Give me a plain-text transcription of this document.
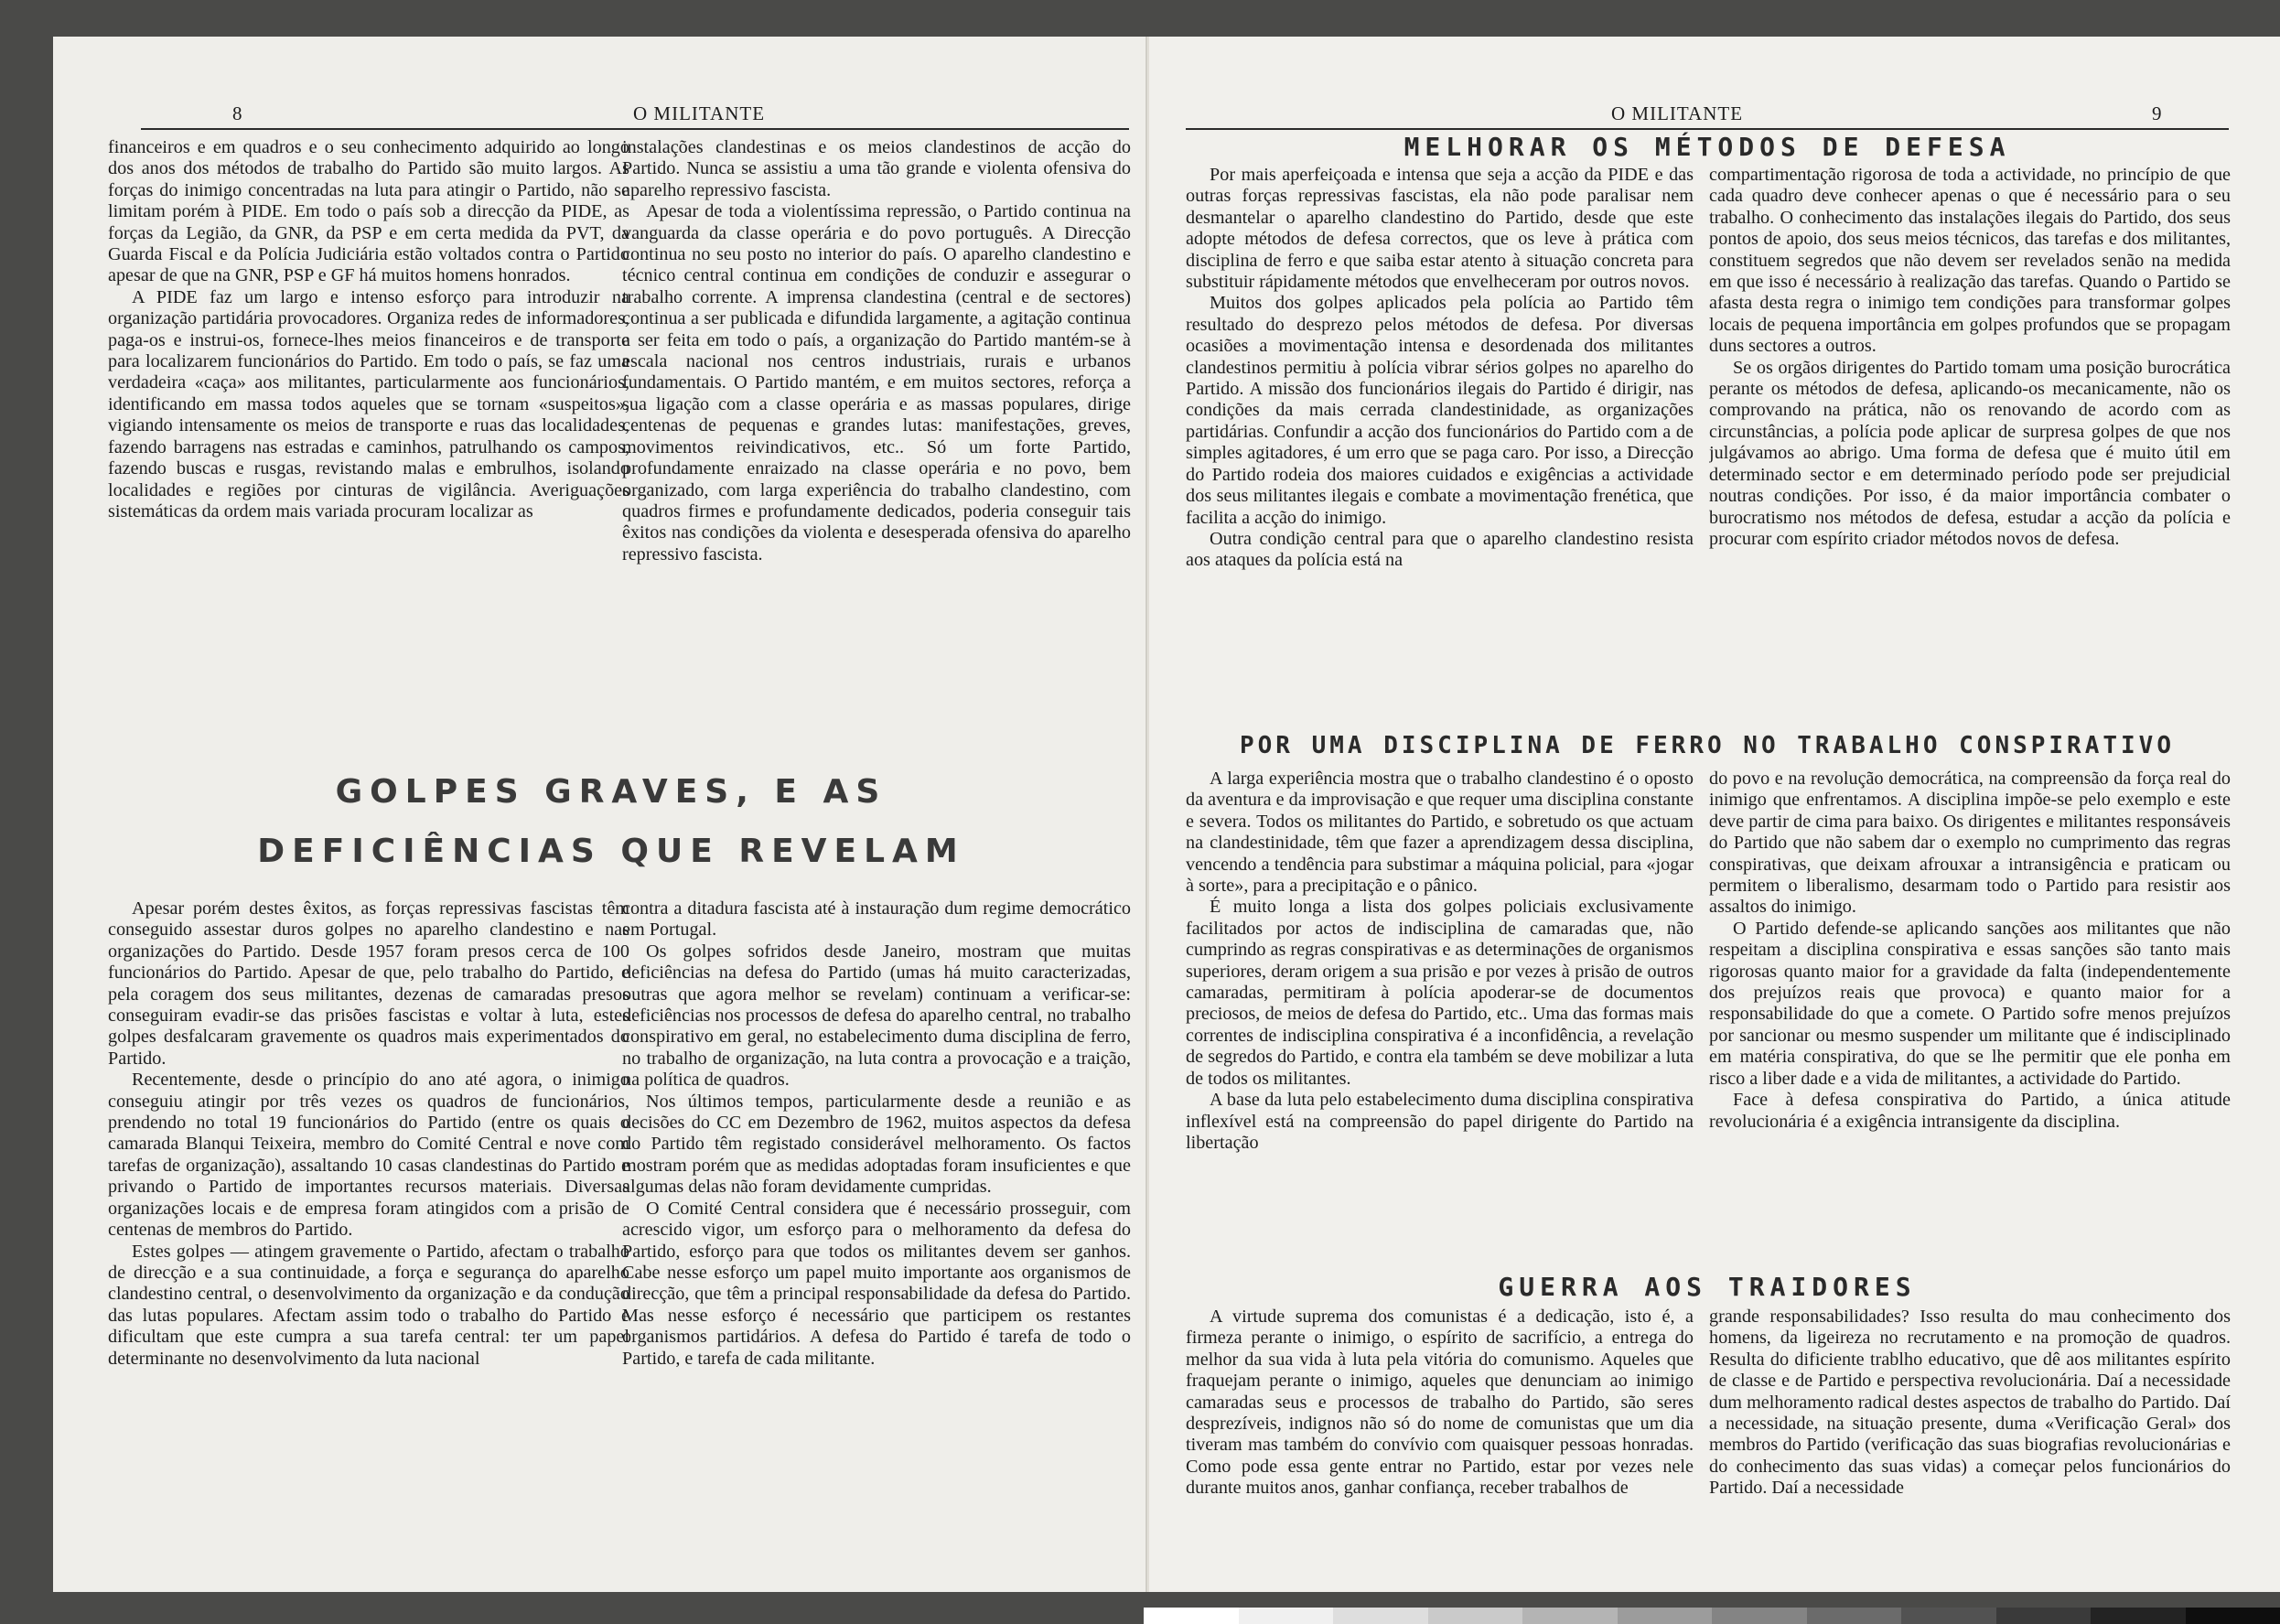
8	O MILITANTE

financeiros e em quadros e o seu conhecimento adquirido ao longo dos anos dos métodos de trabalho do Partido são muito largos. As forças do inimigo concentradas na luta para atingir o Partido, não se limitam porém à PIDE. Em todo o país sob a direcção da PIDE, as forças da Legião, da GNR, da PSP e em certa medida da PVT, da Guarda Fiscal e da Polícia Judiciária estão voltados contra o Partido apesar de que na GNR, PSP e GF há muitos homens honrados.

A PIDE faz um largo e intenso esforço para introduzir na organização partidária provocadores. Organiza redes de informadores, paga-os e instrui-os, fornece-lhes meios financeiros e de transporte para localizarem funcionários do Partido. Em todo o país, se faz uma verdadeira «caça» aos militantes, particularmente aos funcionários, identificando em massa todos aqueles que se tornam «suspeitos», vigiando intensamente os meios de transporte e ruas das localidades, fazendo barragens nas estradas e caminhos, patrulhando os campos, fazendo buscas e rusgas, revistando malas e embrulhos, isolando localidades e regiões por cinturas de vigilância. Averiguações sistemáticas da ordem mais variada procuram localizar as

instalações clandestinas e os meios clandestinos de acção do Partido. Nunca se assistiu a uma tão grande e violenta ofensiva do aparelho repressivo fascista.

Apesar de toda a violentíssima repressão, o Partido continua na vanguarda da classe operária e do povo português. A Direcção continua no seu posto no interior do país. O aparelho clandestino e técnico central continua em condições de conduzir e assegurar o trabalho corrente. A imprensa clandestina (central e de sectores) continua a ser publicada e difundida largamente, a agitação continua a ser feita em todo o país, a organização do Partido mantém-se à escala nacional nos centros industriais, rurais e urbanos fundamentais. O Partido mantém, e em muitos sectores, reforça a sua ligação com a classe operária e as massas populares, dirige centenas de pequenas e grandes lutas: manifestações, greves, movimentos reivindicativos, etc.. Só um forte Partido, profundamente enraizado na classe operária e no povo, bem organizado, com larga experiência do trabalho clandestino, com quadros firmes e profundamente dedicados, poderia conseguir tais êxitos nas condições da violenta e desesperada ofensiva do aparelho repressivo fascista.

GOLPES GRAVES, E AS
DEFICIÊNCIAS QUE REVELAM

Apesar porém destes êxitos, as forças repressivas fascistas têm conseguido assestar duros golpes no aparelho clandestino e nas organizações do Partido. Desde 1957 foram presos cerca de 100 funcionários do Partido. Apesar de que, pelo trabalho do Partido, e pela coragem dos seus militantes, dezenas de camaradas presos conseguiram evadir-se das prisões fascistas e voltar à luta, estes golpes desfalcaram gravemente os quadros mais experimentados do Partido.

Recentemente, desde o princípio do ano até agora, o inimigo conseguiu atingir por três vezes os quadros de funcionários, prendendo no total 19 funcionários do Partido (entre os quais o camarada Blanqui Teixeira, membro do Comité Central e nove com tarefas de organização), assaltando 10 casas clandestinas do Partido e privando o Partido de importantes recursos materiais. Diversas organizações locais e de empresa foram atingidos com a prisão de centenas de membros do Partido.

Estes golpes — atingem gravemente o Partido, afectam o trabalho de direcção e a sua continuidade, a força e segurança do aparelho clandestino central, o desenvolvimento da organização e da condução das lutas populares. Afectam assim todo o trabalho do Partido e dificultam que este cumpra a sua tarefa central: ter um papel determinante no desenvolvimento da luta nacional

contra a ditadura fascista até à instauração dum regime democrático em Portugal.

Os golpes sofridos desde Janeiro, mostram que muitas deficiências na defesa do Partido (umas há muito caracterizadas, outras que agora melhor se revelam) continuam a verificar-se: deficiências nos processos de defesa do aparelho central, no trabalho conspirativo em geral, no estabelecimento duma disciplina de ferro, no trabalho de organização, na luta contra a provocação e a traição, na política de quadros.

Nos últimos tempos, particularmente desde a reunião e as decisões do CC em Dezembro de 1962, muitos aspectos da defesa do Partido têm registado considerável melhoramento. Os factos mostram porém que as medidas adoptadas foram insuficientes e que algumas delas não foram devidamente cumpridas.

O Comité Central considera que é necessário prosseguir, com acrescido vigor, um esforço para o melhoramento da defesa do Partido, esforço para que todos os militantes devem ser ganhos. Cabe nesse esforço um papel muito importante aos organismos de direcção, que têm a principal responsabilidade da defesa do Partido. Mas nesse esforço é necessário que participem os restantes organismos partidários. A defesa do Partido é tarefa de todo o Partido, e tarefa de cada militante.

O MILITANTE	9
MELHORAR OS MÉTODOS DE DEFESA

Por mais aperfeiçoada e intensa que seja a acção da PIDE e das outras forças repressivas fascistas, ela não pode paralisar nem desmantelar o aparelho clandestino do Partido, desde que este adopte métodos de defesa correctos, que os leve à prática com disciplina de ferro e que saiba estar atento à situação concreta para substituir rápidamente métodos que envelheceram por outros novos.

Muitos dos golpes aplicados pela polícia ao Partido têm resultado do desprezo pelos métodos de defesa. Por diversas ocasiões a movimentação intensa e desordenada dos militantes clandestinos permitiu à polícia vibrar sérios golpes no aparelho do Partido. A missão dos funcionários ilegais do Partido é dirigir, nas condições da mais cerrada clandestinidade, as organizações partidárias. Confundir a acção dos funcionários do Partido com a de simples agitadores, é um erro que se paga caro. Por isso, a Direcção do Partido rodeia dos maiores cuidados e exigências a actividade dos seus militantes ilegais e combate a movimentação frenética, que facilita a acção do inimigo.

Outra condição central para que o aparelho clandestino resista aos ataques da polícia está na

compartimentação rigorosa de toda a actividade, no princípio de que cada quadro deve conhecer apenas o que é necessário para o seu trabalho. O conhecimento das instalações ilegais do Partido, dos seus pontos de apoio, dos seus meios técnicos, das tarefas e dos militantes, constituem segredos que não devem ser revelados senão na medida em que isso é necessário à realização das tarefas. Quando o Partido se afasta desta regra o inimigo tem condições para transformar golpes locais de pequena importância em golpes profundos que se propagam duns sectores a outros.

Se os orgãos dirigentes do Partido tomam uma posição burocrática perante os métodos de defesa, aplicando-os mecanicamente, não os comprovando na prática, não os renovando de acordo com as circunstâncias, a polícia pode aplicar de surpresa golpes de que nos julgávamos ao abrigo. Uma forma de defesa que é muito útil em determinado sector e em determinado período pode ser prejudicial noutras condições. Por isso, é da maior importância combater o burocratismo nos métodos de defesa, estudar a acção da polícia e procurar com espírito criador métodos novos de defesa.

POR UMA DISCIPLINA DE FERRO NO TRABALHO CONSPIRATIVO

A larga experiência mostra que o trabalho clandestino é o oposto da aventura e da improvisação e que requer uma disciplina constante e severa. Todos os militantes do Partido, e sobretudo os que actuam na clandestinidade, têm que fazer a aprendizagem dessa disciplina, vencendo a tendência para substimar a máquina policial, para «jogar à sorte», para a precipitação e o pânico.

É muito longa a lista dos golpes policiais exclusivamente facilitados por actos de indisciplina de camaradas que, não cumprindo as regras conspirativas e as determinações de organismos superiores, deram origem a sua prisão e por vezes à prisão de outros camaradas, permitiram à polícia apoderar-se de documentos preciosos, de meios de defesa do Partido, etc.. Uma das formas mais correntes de indisciplina conspirativa é a inconfidência, a revelação de segredos do Partido, e contra ela também se deve mobilizar a luta de todos os militantes.

A base da luta pelo estabelecimento duma disciplina conspirativa inflexível está na compreensão do papel dirigente do Partido na libertação

do povo e na revolução democrática, na compreensão da força real do inimigo que enfrentamos. A disciplina impõe-se pelo exemplo e este deve partir de cima para baixo. Os dirigentes e militantes responsáveis do Partido que não sabem dar o exemplo no cumprimento das regras conspirativas, que deixam afrouxar a intransigência e praticam ou permitem o liberalismo, desarmam todo o Partido para resistir aos assaltos do inimigo.

O Partido defende-se aplicando sanções aos militantes que não respeitam a disciplina conspirativa e essas sanções são tanto mais rigorosas quanto maior for a gravidade da falta (independentemente dos prejuízos reais que provoca) e quanto maior for a responsabilidade do que a comete. O Partido sofre menos prejuízos por sancionar ou mesmo suspender um militante que é indisciplinado em matéria conspirativa, do que se lhe permitir que ele ponha em risco a liber dade e a vida de militantes, a actividade do Partido.

Face à defesa conspirativa do Partido, a única atitude revolucionária é a exigência intransigente da disciplina.

GUERRA AOS TRAIDORES

A virtude suprema dos comunistas é a dedicação, isto é, a firmeza perante o inimigo, o espírito de sacrifício, a entrega do melhor da sua vida à luta pela vitória do comunismo. Aqueles que fraquejam perante o inimigo, aqueles que denunciam ao inimigo camaradas seus e processos de trabalho do Partido, são seres desprezíveis, indignos não só do nome de comunistas que um dia tiveram mas também do convívio com quaisquer pessoas honradas. Como pode essa gente entrar no Partido, estar por vezes nele durante muitos anos, ganhar confiança, receber trabalhos de

grande responsabilidades? Isso resulta do mau conhecimento dos homens, da ligeireza no recrutamento e na promoção de quadros. Resulta do dificiente trablho educativo, que dê aos militantes espírito de classe e de Partido e perspectiva revolucionária. Daí a necessidade dum melhoramento radical destes aspectos de trabalho do Partido. Daí a necessidade, na situação presente, duma «Verificação Geral» dos membros do Partido (verificação das suas biografias revolucionárias e do conhecimento das suas vidas) a começar pelos funcionários do Partido. Daí a necessidade
